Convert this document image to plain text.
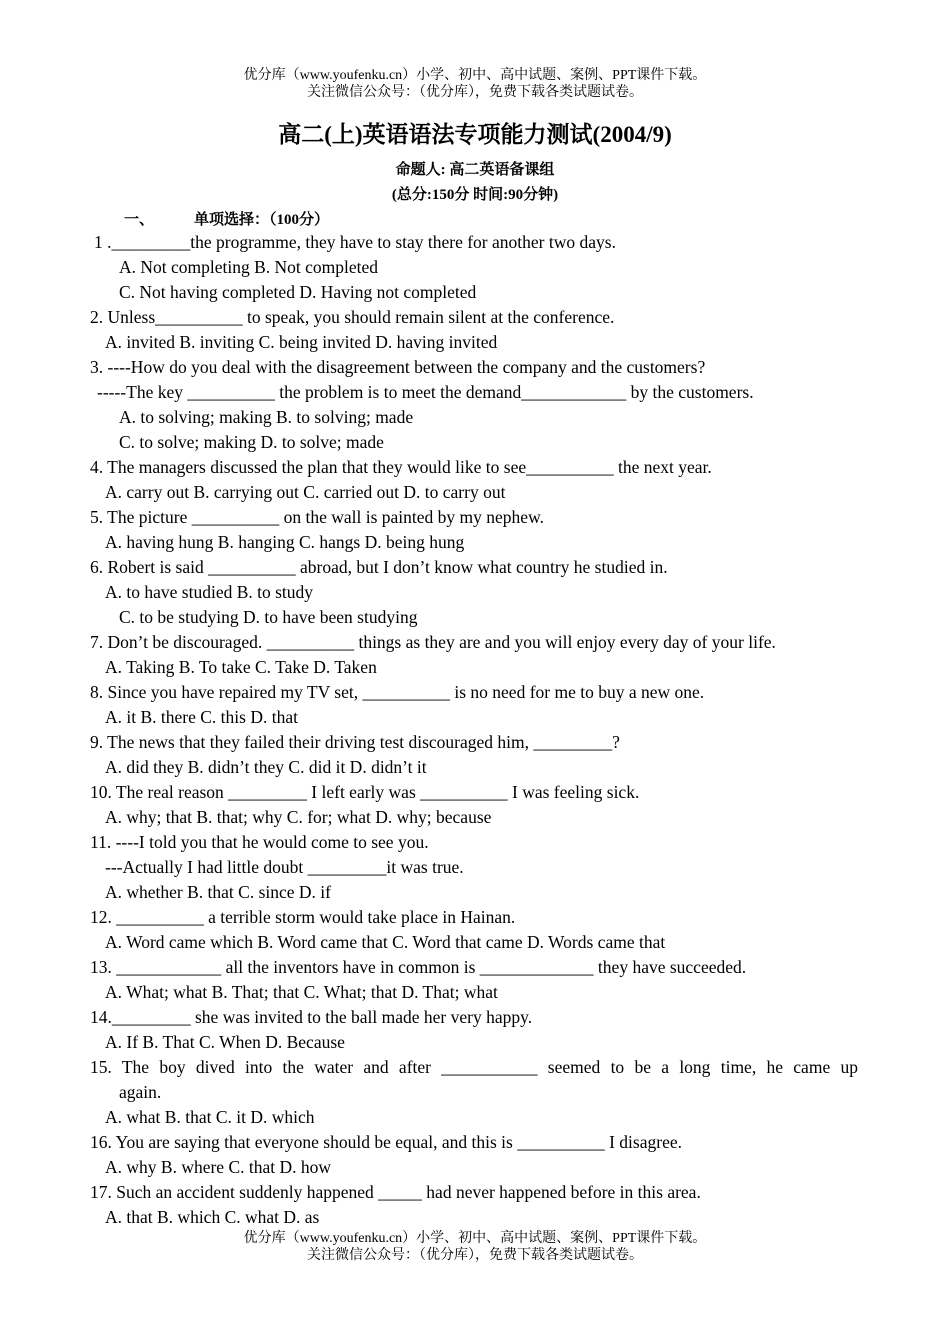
优分库（www.youfenku.cn）小学、初中、高中试题、案例、PPT课件下载。
关注微信公众号：（优分库），免费下载各类试题试卷。
高二(上)英语语法专项能力测试(2004/9)
命题人: 高二英语备课组
(总分:150分 时间:90分钟)
一、	单项选择：（100分）
1 ._________the programme, they have to stay there for another two days.
A. Not completing B. Not completed
C. Not having completed D. Having not completed
2. Unless__________ to speak, you should remain silent at the conference.
A. invited B. inviting C. being invited D. having invited
3. ----How do you deal with the disagreement between the company and the customers?
-----The key __________ the problem is to meet the demand____________ by the customers.
A. to solving; making B. to solving; made
C. to solve; making D. to solve; made
4. The managers discussed the plan that they would like to see__________ the next year.
A. carry out B. carrying out C. carried out D. to carry out
5. The picture __________ on the wall is painted by my nephew.
A. having hung B. hanging C. hangs D. being hung
6. Robert is said __________ abroad, but I don’t know what country he studied in.
A. to have studied B. to study
C. to be studying D. to have been studying
7. Don’t be discouraged. __________ things as they are and you will enjoy every day of your life.
A. Taking B. To take C. Take D. Taken
8. Since you have repaired my TV set, __________ is no need for me to buy a new one.
A. it B. there C. this D. that
9. The news that they failed their driving test discouraged him, _________?
A. did they B. didn’t they C. did it D. didn’t it
10. The real reason _________ I left early was __________ I was feeling sick.
A. why; that B. that; why C. for; what D. why; because
11. ----I told you that he would come to see you.
---Actually I had little doubt _________it was true.
A. whether B. that C. since D. if
12. __________ a terrible storm would take place in Hainan.
A. Word came which B. Word came that C. Word that came D. Words came that
13. ____________ all the inventors have in common is _____________ they have succeeded.
A. What; what B. That; that C. What; that D. That; what
14._________ she was invited to the ball made her very happy.
A. If B. That C. When D. Because
15. The boy dived into the water and after ___________ seemed to be a long time, he came up
again.
A. what B. that C. it D. which
16. You are saying that everyone should be equal, and this is __________ I disagree.
A. why B. where C. that D. how
17. Such an accident suddenly happened _____ had never happened before in this area.
A. that B. which C. what D. as
优分库（www.youfenku.cn）小学、初中、高中试题、案例、PPT课件下载。
关注微信公众号：（优分库），免费下载各类试题试卷。
